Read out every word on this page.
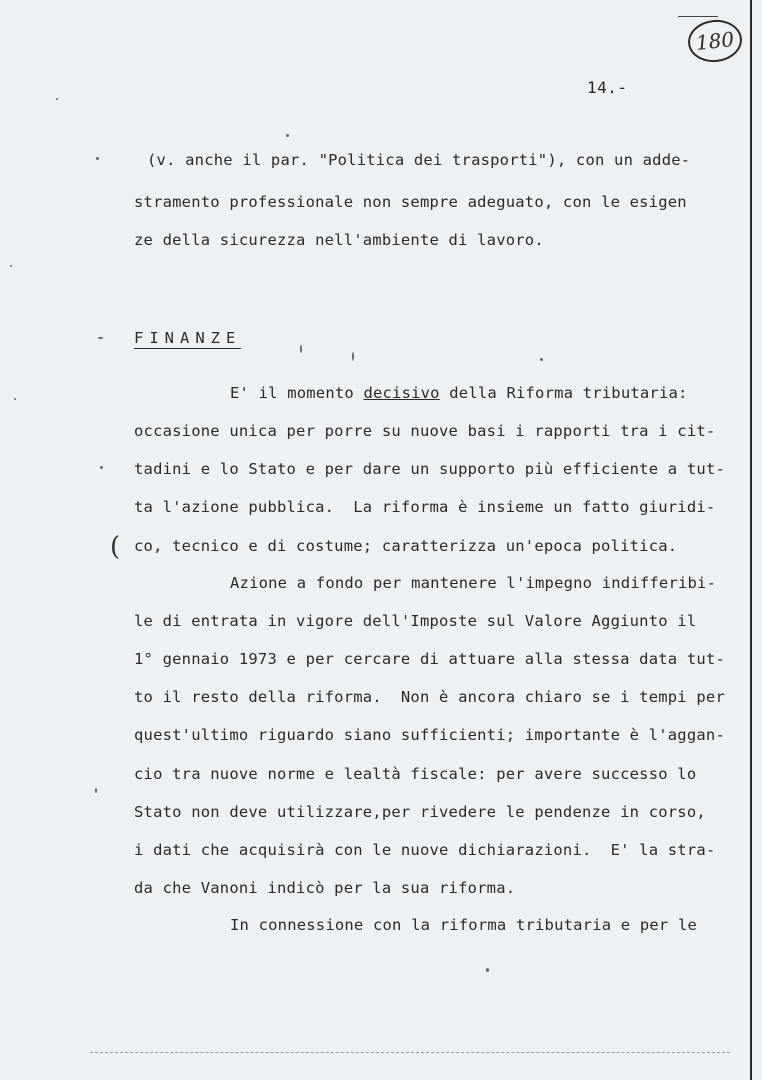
180
14.-
(v. anche il par. "Politica dei trasporti"), con un adde-
stramento professionale non sempre adeguato, con le esigen
ze della sicurezza nell'ambiente di lavoro.
FINANZE
E' il momento decisivo della Riforma tributaria:
occasione unica per porre su nuove basi i rapporti tra i cit-
tadini e lo Stato e per dare un supporto più efficiente a tut-
ta l'azione pubblica.  La riforma è insieme un fatto giuridi-
( co, tecnico e di costume; caratterizza un'epoca politica.
Azione a fondo per mantenere l'impegno indifferibi-
le di entrata in vigore dell'Imposte sul Valore Aggiunto il
1° gennaio 1973 e per cercare di attuare alla stessa data tut-
to il resto della riforma.  Non è ancora chiaro se i tempi per
quest'ultimo riguardo siano sufficienti; importante è l'aggan-
cio tra nuove norme e lealtà fiscale: per avere successo lo
Stato non deve utilizzare,per rivedere le pendenze in corso,
i dati che acquisirà con le nuove dichiarazioni.  E' la stra-
da che Vanoni indicò per la sua riforma.
In connessione con la riforma tributaria e per le
